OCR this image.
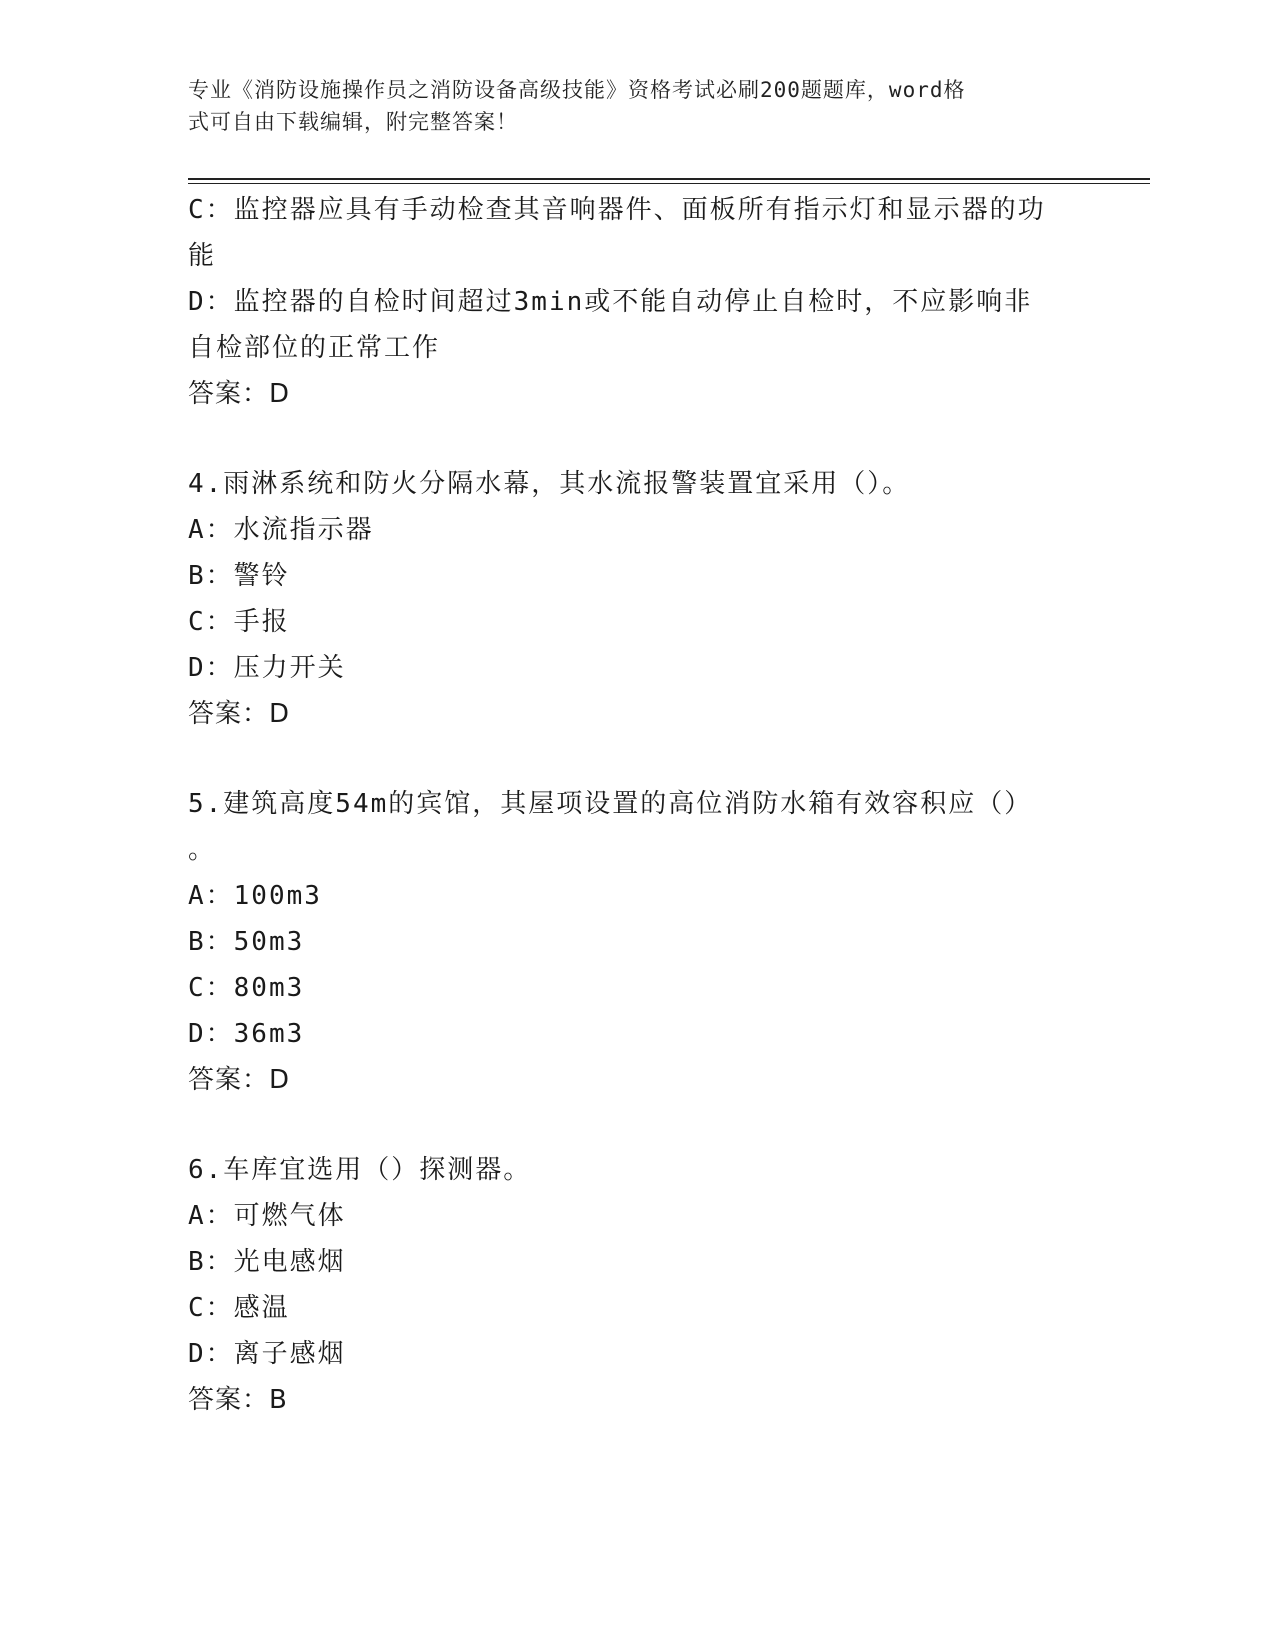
专业《消防设施操作员之消防设备高级技能》资格考试必刷200题题库，word格
式可自由下载编辑，附完整答案！
C：监控器应具有手动检查其音响器件、面板所有指示灯和显示器的功
能
D：监控器的自检时间超过3min或不能自动停止自检时，不应影响非
自检部位的正常工作
答案：D
4.雨淋系统和防火分隔水幕，其水流报警装置宜采用（）。
A：水流指示器
B：警铃
C：手报
D：压力开关
答案：D
5.建筑高度54m的宾馆，其屋项设置的高位消防水箱有效容积应（）
。
A：100m3
B：50m3
C：80m3
D：36m3
答案：D
6.车库宜选用（）探测器。
A：可燃气体
B：光电感烟
C：感温
D：离子感烟
答案：B
